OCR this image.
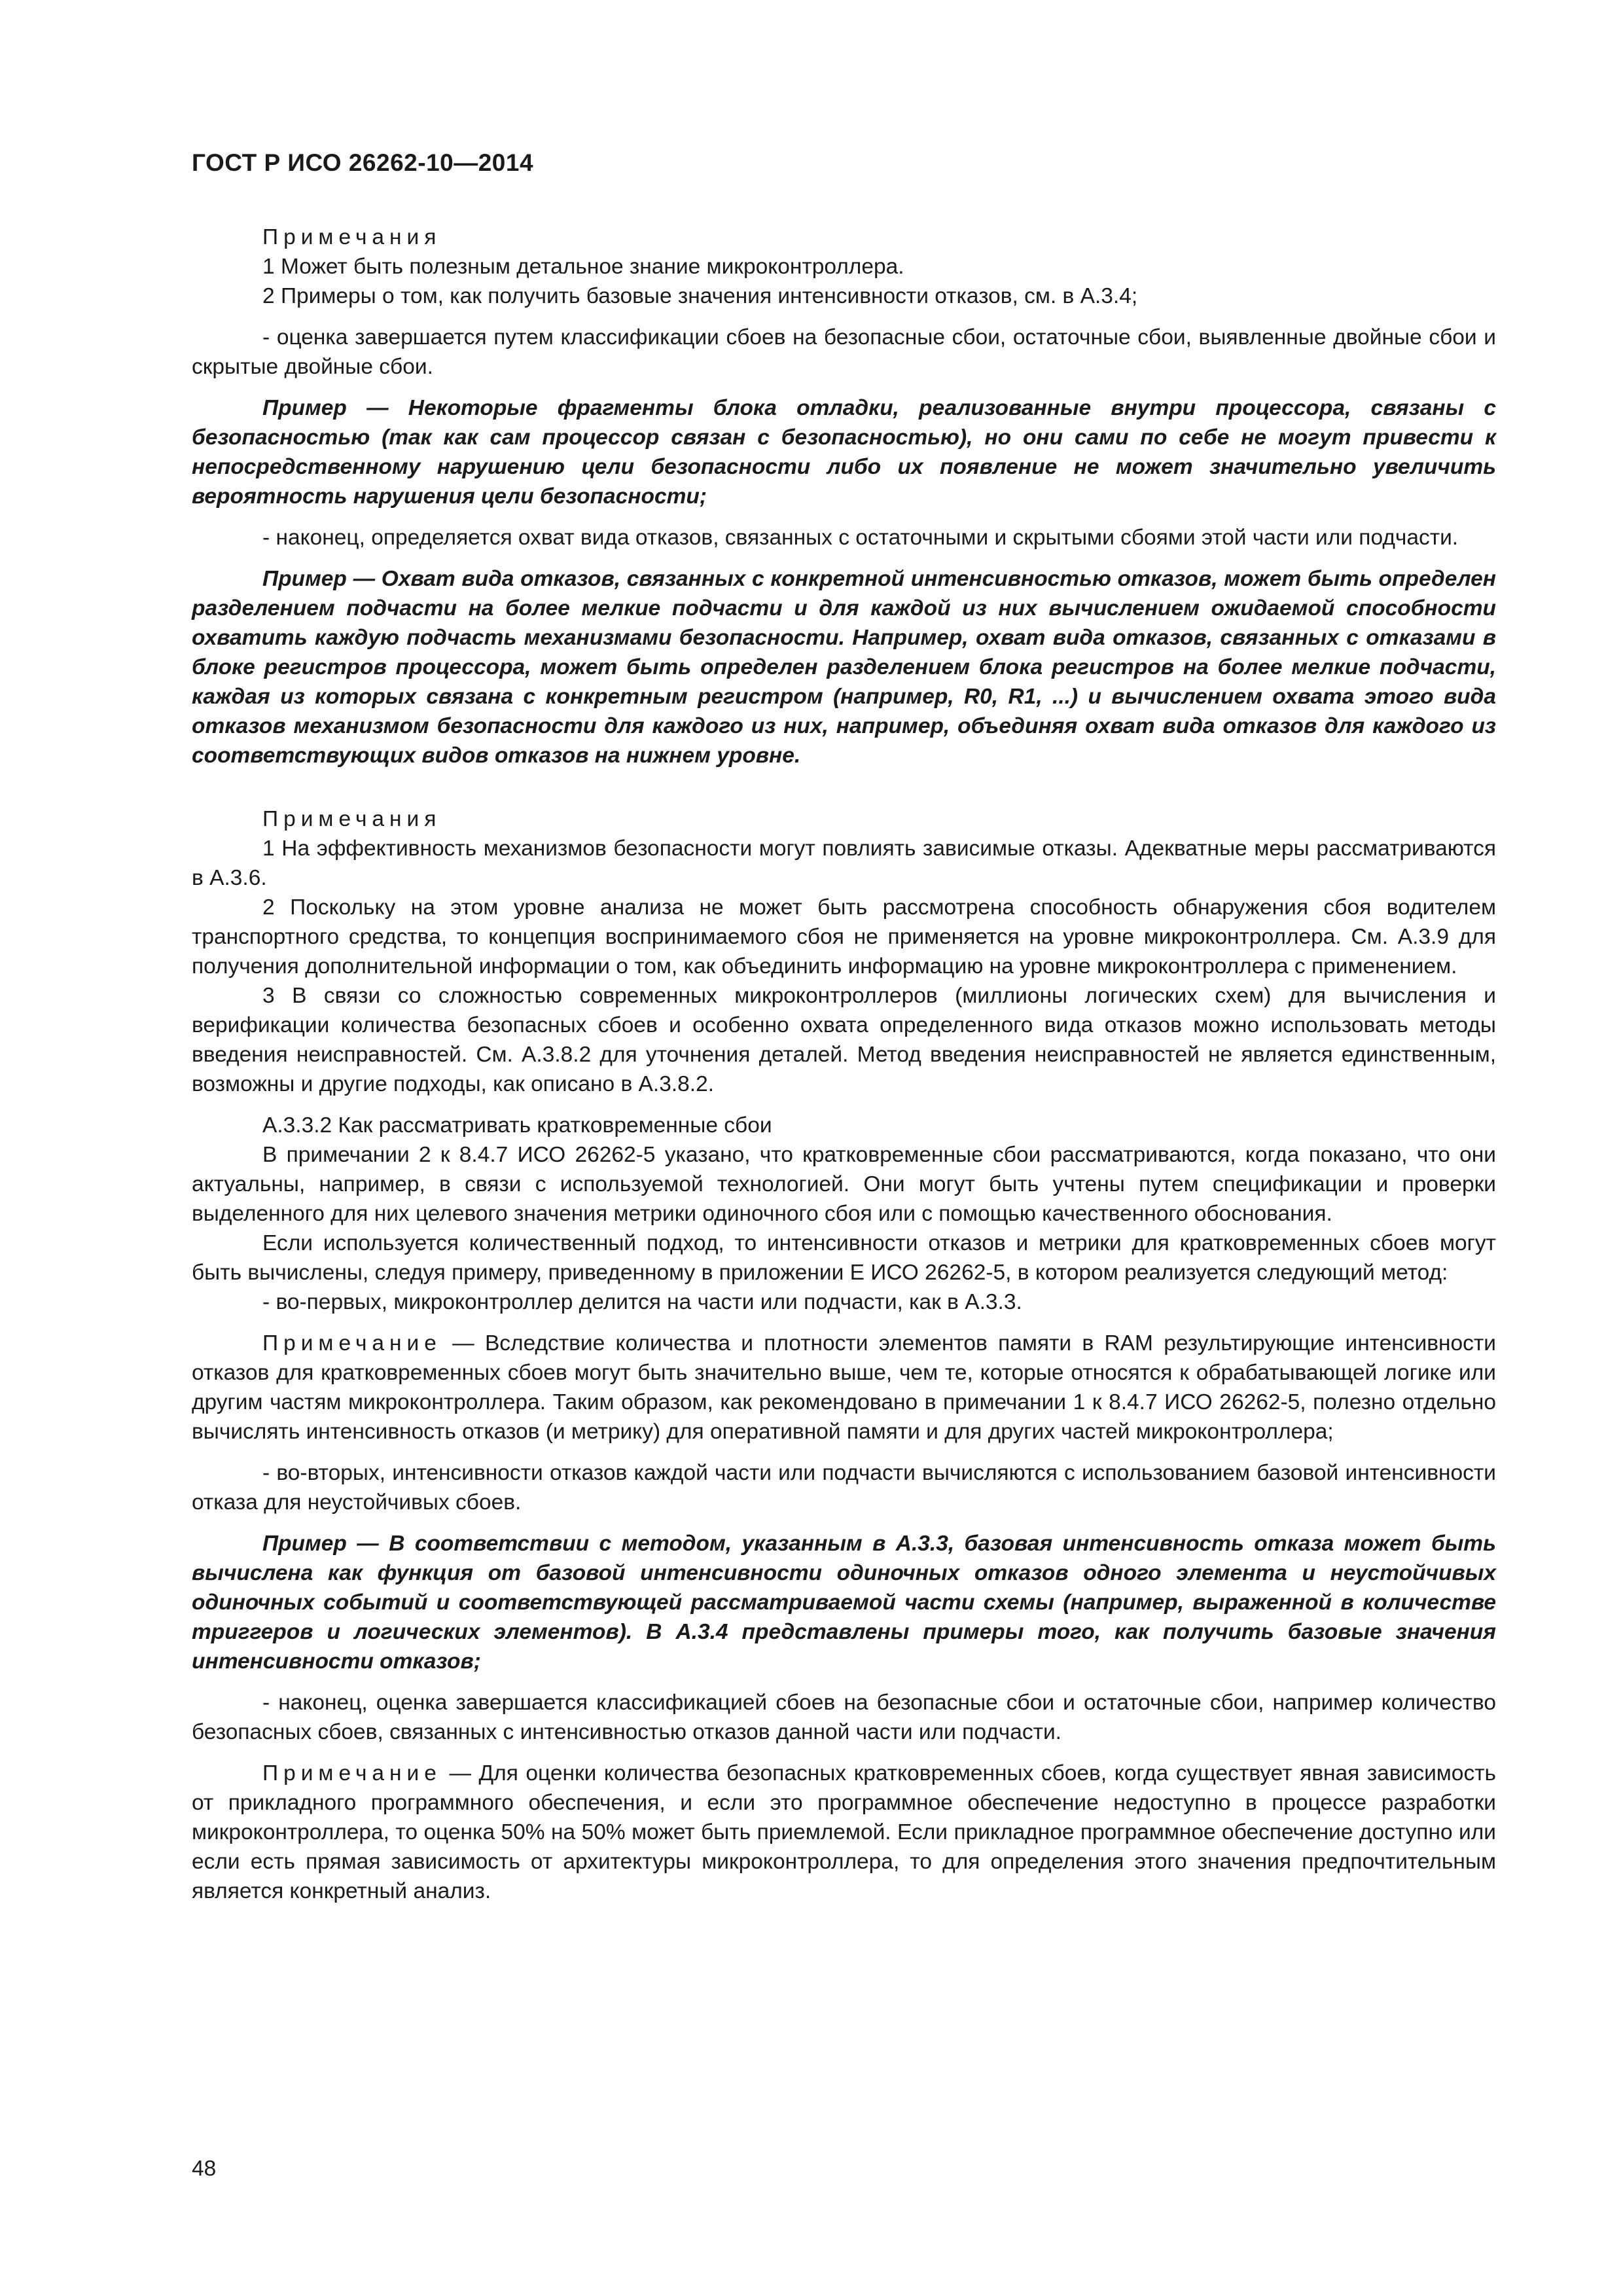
ГОСТ Р ИСО 26262-10—2014

Примечания

1 Может быть полезным детальное знание микроконтроллера.

2 Примеры о том, как получить базовые значения интенсивности отказов, см. в А.3.4;

- оценка завершается путем классификации сбоев на безопасные сбои, остаточные сбои, выявленные двойные сбои и скрытые двойные сбои.

Пример — Некоторые фрагменты блока отладки, реализованные внутри процессора, связаны с безопасностью (так как сам процессор связан с безопасностью), но они сами по себе не могут привести к непосредственному нарушению цели безопасности либо их появление не может значительно увеличить вероятность нарушения цели безопасности;

- наконец, определяется охват вида отказов, связанных с остаточными и скрытыми сбоями этой части или подчасти.

Пример — Охват вида отказов, связанных с конкретной интенсивностью отказов, может быть определен разделением подчасти на более мелкие подчасти и для каждой из них вычислением ожидаемой способности охватить каждую подчасть механизмами безопасности. Например, охват вида отказов, связанных с отказами в блоке регистров процессора, может быть определен разделением блока регистров на более мелкие подчасти, каждая из которых связана с конкретным регистром (например, R0, R1, ...) и вычислением охвата этого вида отказов механизмом безопасности для каждого из них, например, объединяя охват вида отказов для каждого из соответствующих видов отказов на нижнем уровне.

Примечания

1 На эффективность механизмов безопасности могут повлиять зависимые отказы. Адекватные меры рассматриваются в А.3.6.

2 Поскольку на этом уровне анализа не может быть рассмотрена способность обнаружения сбоя водителем транспортного средства, то концепция воспринимаемого сбоя не применяется на уровне микроконтроллера. См. А.3.9 для получения дополнительной информации о том, как объединить информацию на уровне микроконтроллера с применением.

3 В связи со сложностью современных микроконтроллеров (миллионы логических схем) для вычисления и верификации количества безопасных сбоев и особенно охвата определенного вида отказов можно использовать методы введения неисправностей. См. А.3.8.2 для уточнения деталей. Метод введения неисправностей не является единственным, возможны и другие подходы, как описано в А.3.8.2.

А.3.3.2 Как рассматривать кратковременные сбои

В примечании 2 к 8.4.7 ИСО 26262-5 указано, что кратковременные сбои рассматриваются, когда показано, что они актуальны, например, в связи с используемой технологией. Они могут быть учтены путем спецификации и проверки выделенного для них целевого значения метрики одиночного сбоя или с помощью качественного обоснования.

Если используется количественный подход, то интенсивности отказов и метрики для кратковременных сбоев могут быть вычислены, следуя примеру, приведенному в приложении Е ИСО 26262-5, в котором реализуется следующий метод:

- во-первых, микроконтроллер делится на части или подчасти, как в А.3.3.

Примечание — Вследствие количества и плотности элементов памяти в RAM результирующие интенсивности отказов для кратковременных сбоев могут быть значительно выше, чем те, которые относятся к обрабатывающей логике или другим частям микроконтроллера. Таким образом, как рекомендовано в примечании 1 к 8.4.7 ИСО 26262-5, полезно отдельно вычислять интенсивность отказов (и метрику) для оперативной памяти и для других частей микроконтроллера;

- во-вторых, интенсивности отказов каждой части или подчасти вычисляются с использованием базовой интенсивности отказа для неустойчивых сбоев.

Пример — В соответствии с методом, указанным в А.3.3, базовая интенсивность отказа может быть вычислена как функция от базовой интенсивности одиночных отказов одного элемента и неустойчивых одиночных событий и соответствующей рассматриваемой части схемы (например, выраженной в количестве триггеров и логических элементов). В А.3.4 представлены примеры того, как получить базовые значения интенсивности отказов;

- наконец, оценка завершается классификацией сбоев на безопасные сбои и остаточные сбои, например количество безопасных сбоев, связанных с интенсивностью отказов данной части или подчасти.

Примечание — Для оценки количества безопасных кратковременных сбоев, когда существует явная зависимость от прикладного программного обеспечения, и если это программное обеспечение недоступно в процессе разработки микроконтроллера, то оценка 50% на 50% может быть приемлемой. Если прикладное программное обеспечение доступно или если есть прямая зависимость от архитектуры микроконтроллера, то для определения этого значения предпочтительным является конкретный анализ.

48
